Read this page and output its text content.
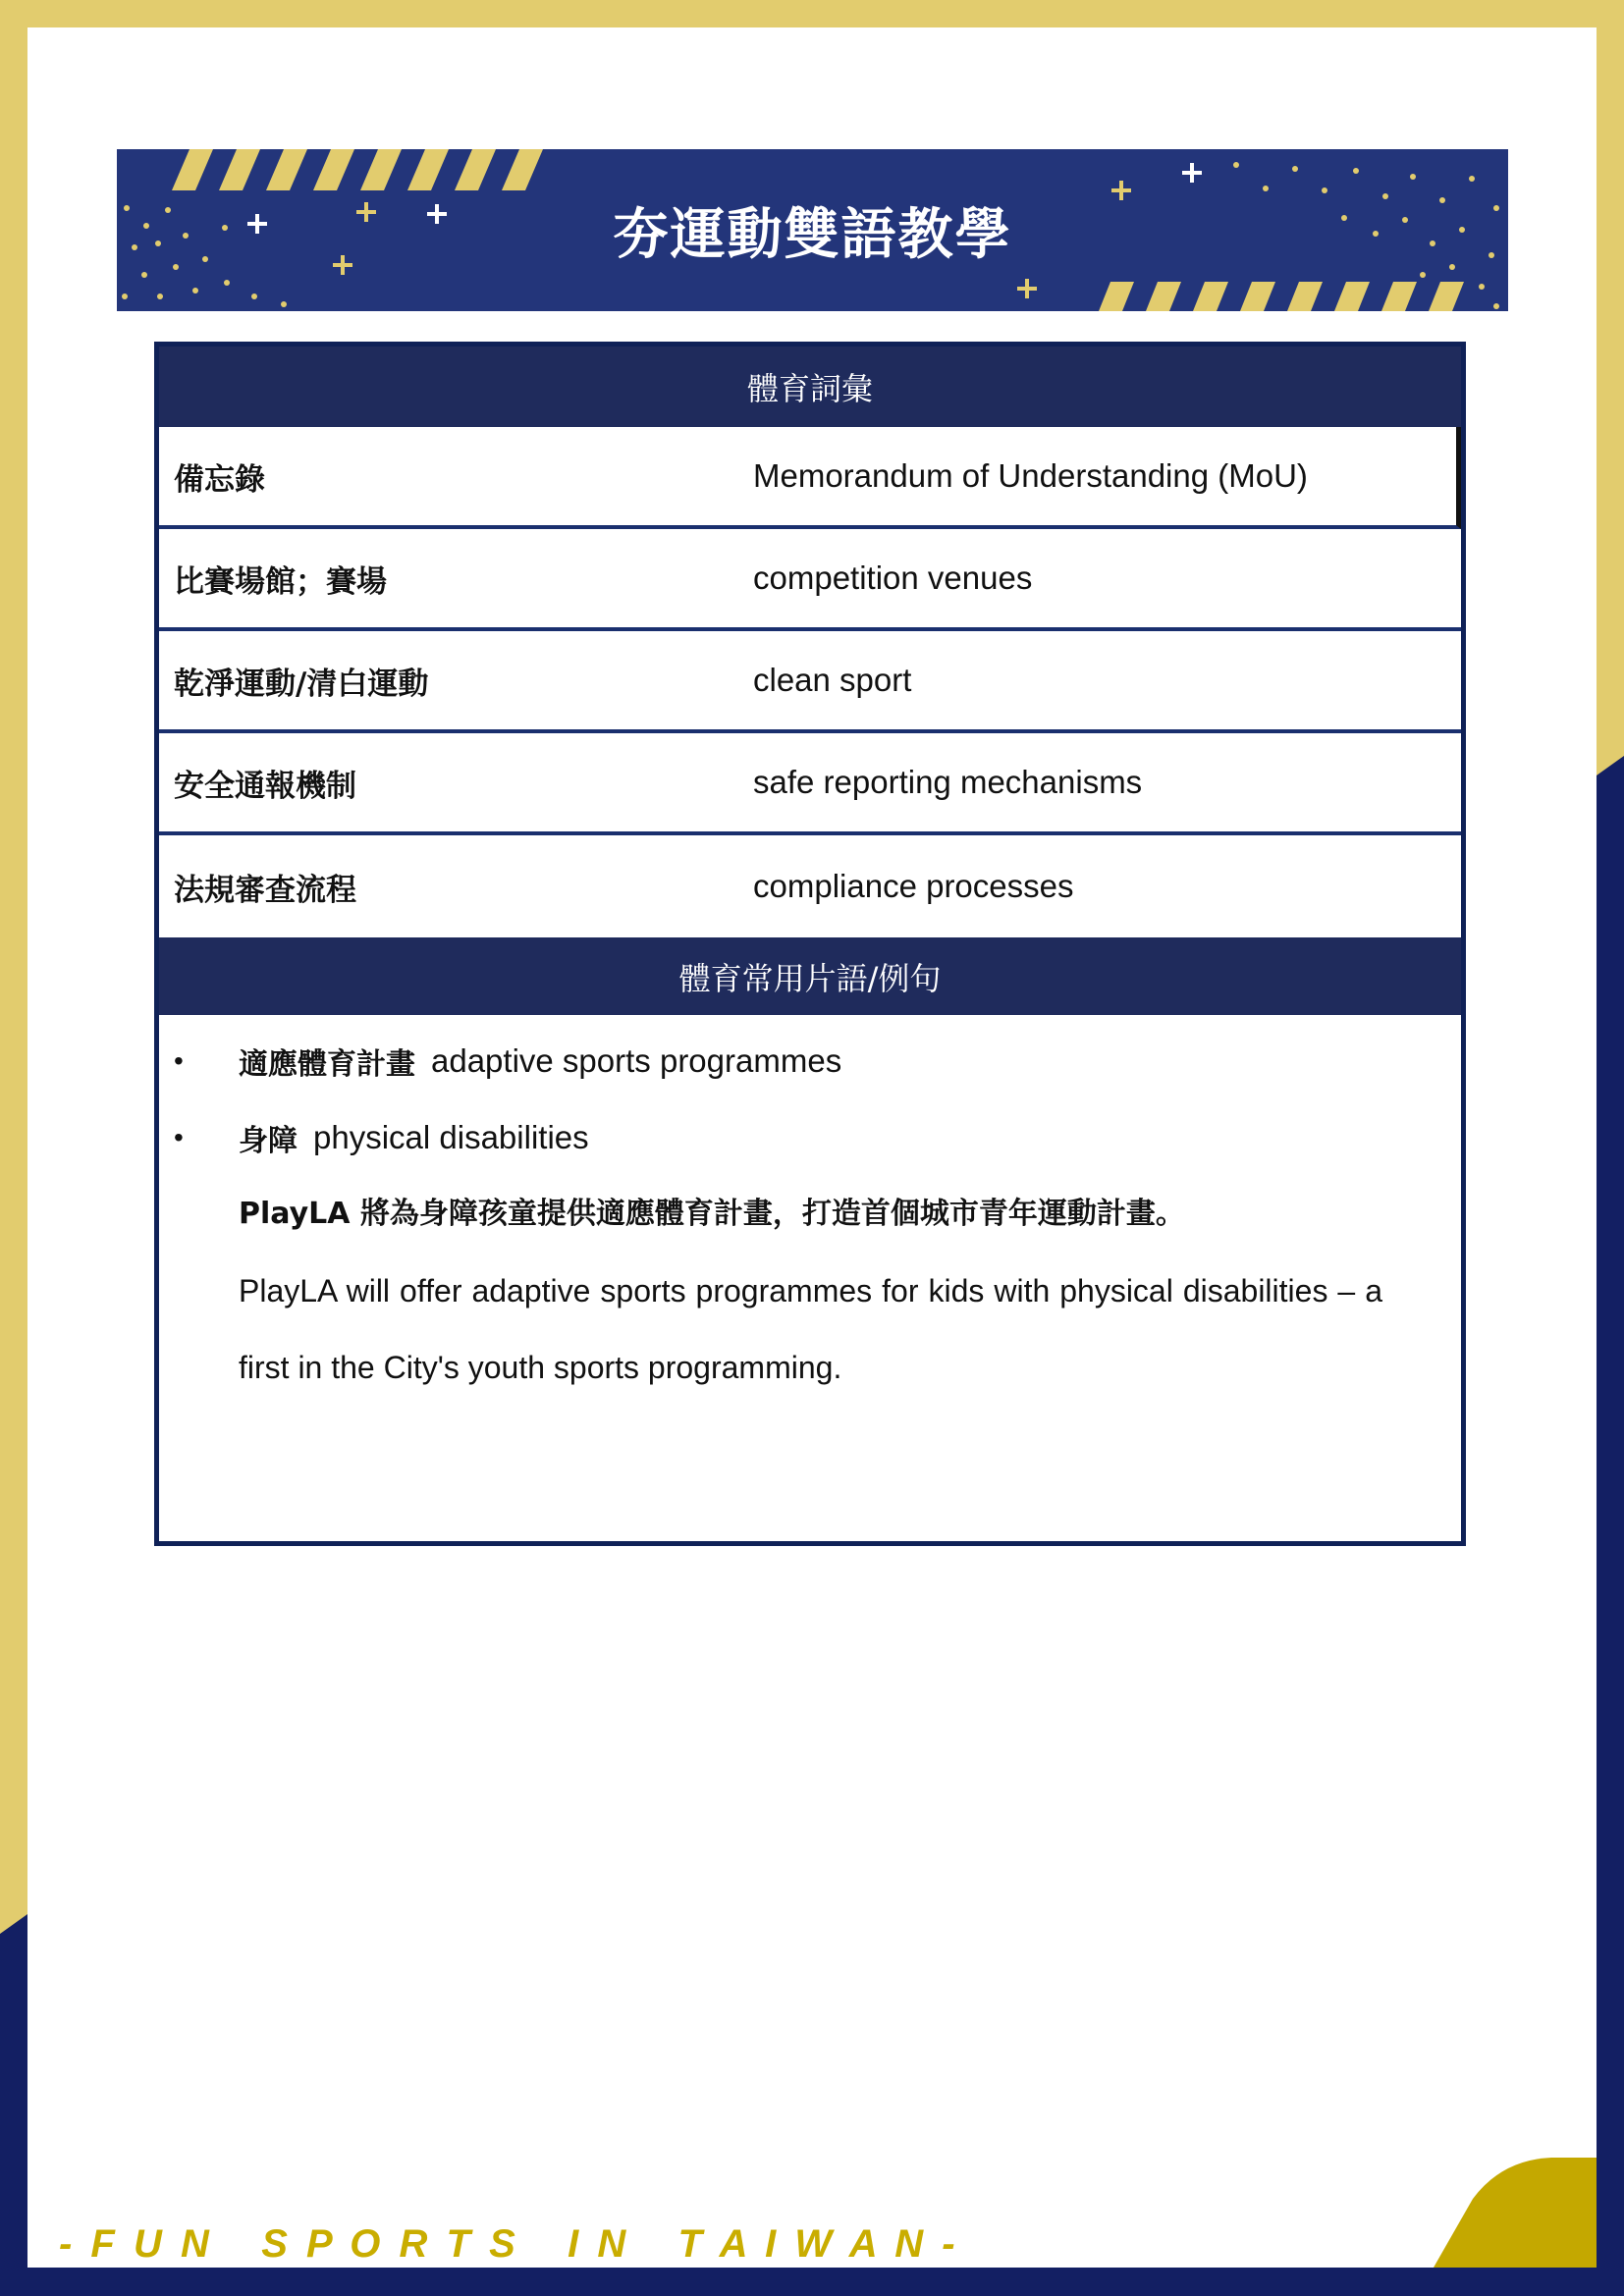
夯運動雙語教學
體育詞彙
備忘錄	Memorandum of Understanding (MoU)
比賽場館；賽場	competition venues
乾淨運動/清白運動	clean sport
安全通報機制	safe reporting mechanisms
法規審查流程	compliance processes
體育常用片語/例句
•	適應體育計畫 adaptive sports programmes
•	身障 physical disabilities
PlayLA 將為身障孩童提供適應體育計畫，打造首個城市青年運動計畫。
PlayLA will offer adaptive sports programmes for kids with physical disabilities – a first in the City's youth sports programming.
- F U N   S P O R T S   I N   T A I W A N -
